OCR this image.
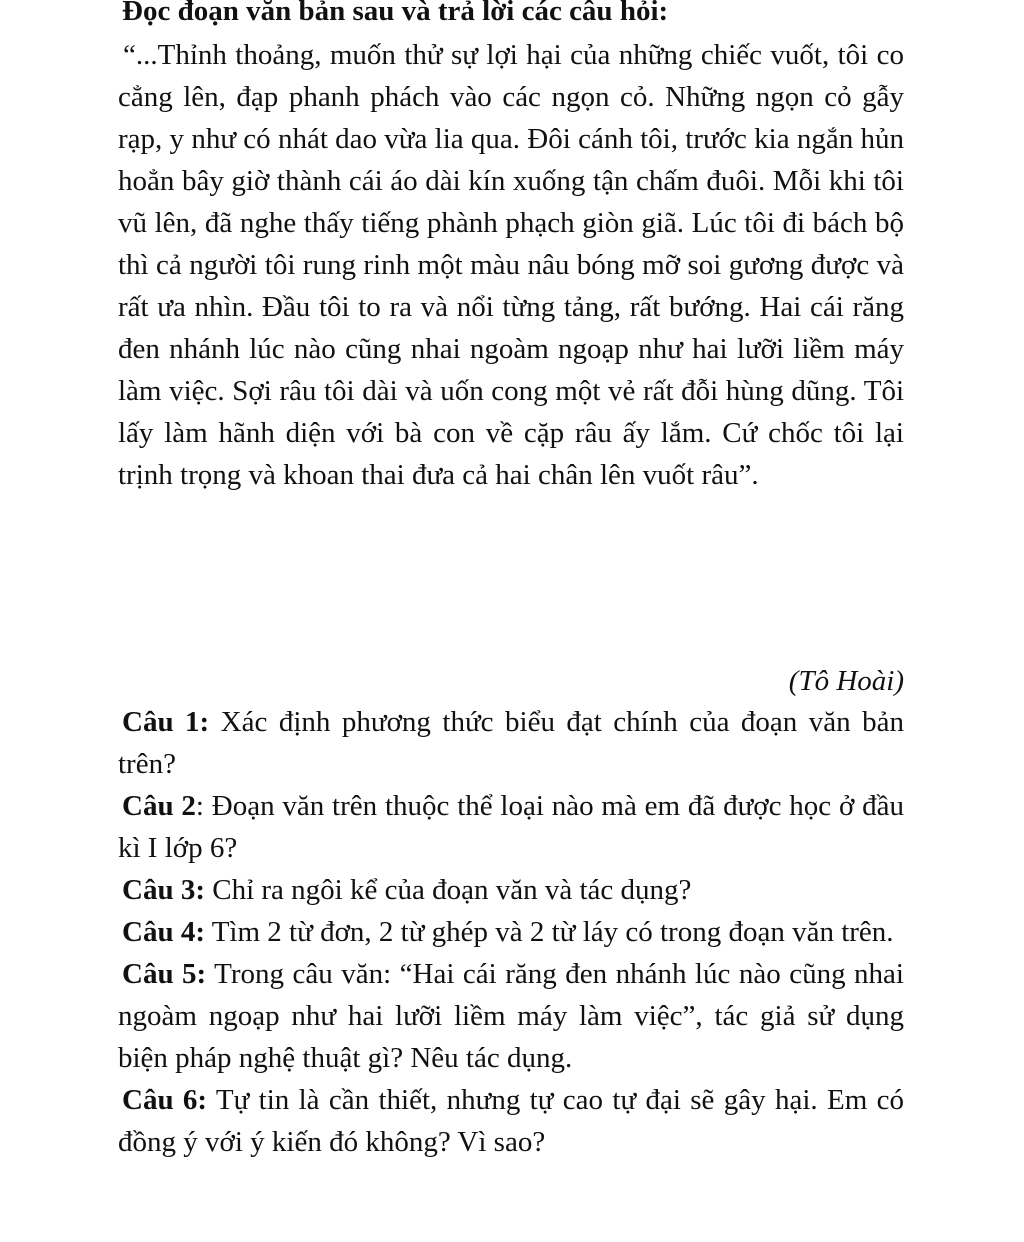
Đọc đoạn văn bản sau và trả lời các câu hỏi:
“...Thỉnh thoảng, muốn thử sự lợi hại của những chiếc vuốt, tôi co cẳng lên, đạp phanh phách vào các ngọn cỏ. Những ngọn cỏ gẫy rạp, y như có nhát dao vừa lia qua. Đôi cánh tôi, trước kia ngắn hủn hoẳn bây giờ thành cái áo dài kín xuống tận chấm đuôi. Mỗi khi tôi vũ lên, đã nghe thấy tiếng phành phạch giòn giã. Lúc tôi đi bách bộ thì cả người tôi rung rinh một màu nâu bóng mỡ soi gương được và rất ưa nhìn. Đầu tôi to ra và nổi từng tảng, rất bướng. Hai cái răng đen nhánh lúc nào cũng nhai ngoàm ngoạp như hai lưỡi liềm máy làm việc. Sợi râu tôi dài và uốn cong một vẻ rất đỗi hùng dũng. Tôi lấy làm hãnh diện với bà con về cặp râu ấy lắm. Cứ chốc tôi lại trịnh trọng và khoan thai đưa cả hai chân lên vuốt râu”.
(Tô Hoài)

Câu 1: Xác định phương thức biểu đạt chính của đoạn văn bản trên?

Câu 2: Đoạn văn trên thuộc thể loại nào mà em đã được học ở đầu kì I lớp 6?

Câu 3: Chỉ ra ngôi kể của đoạn văn và tác dụng?

Câu 4: Tìm 2 từ đơn, 2 từ ghép và 2 từ láy có trong đoạn văn trên.

Câu 5: Trong câu văn: “Hai cái răng đen nhánh lúc nào cũng nhai ngoàm ngoạp như hai lưỡi liềm máy làm việc”, tác giả sử dụng biện pháp nghệ thuật gì? Nêu tác dụng.

Câu 6: Tự tin là cần thiết, nhưng tự cao tự đại sẽ gây hại. Em có đồng ý với ý kiến đó không? Vì sao?
